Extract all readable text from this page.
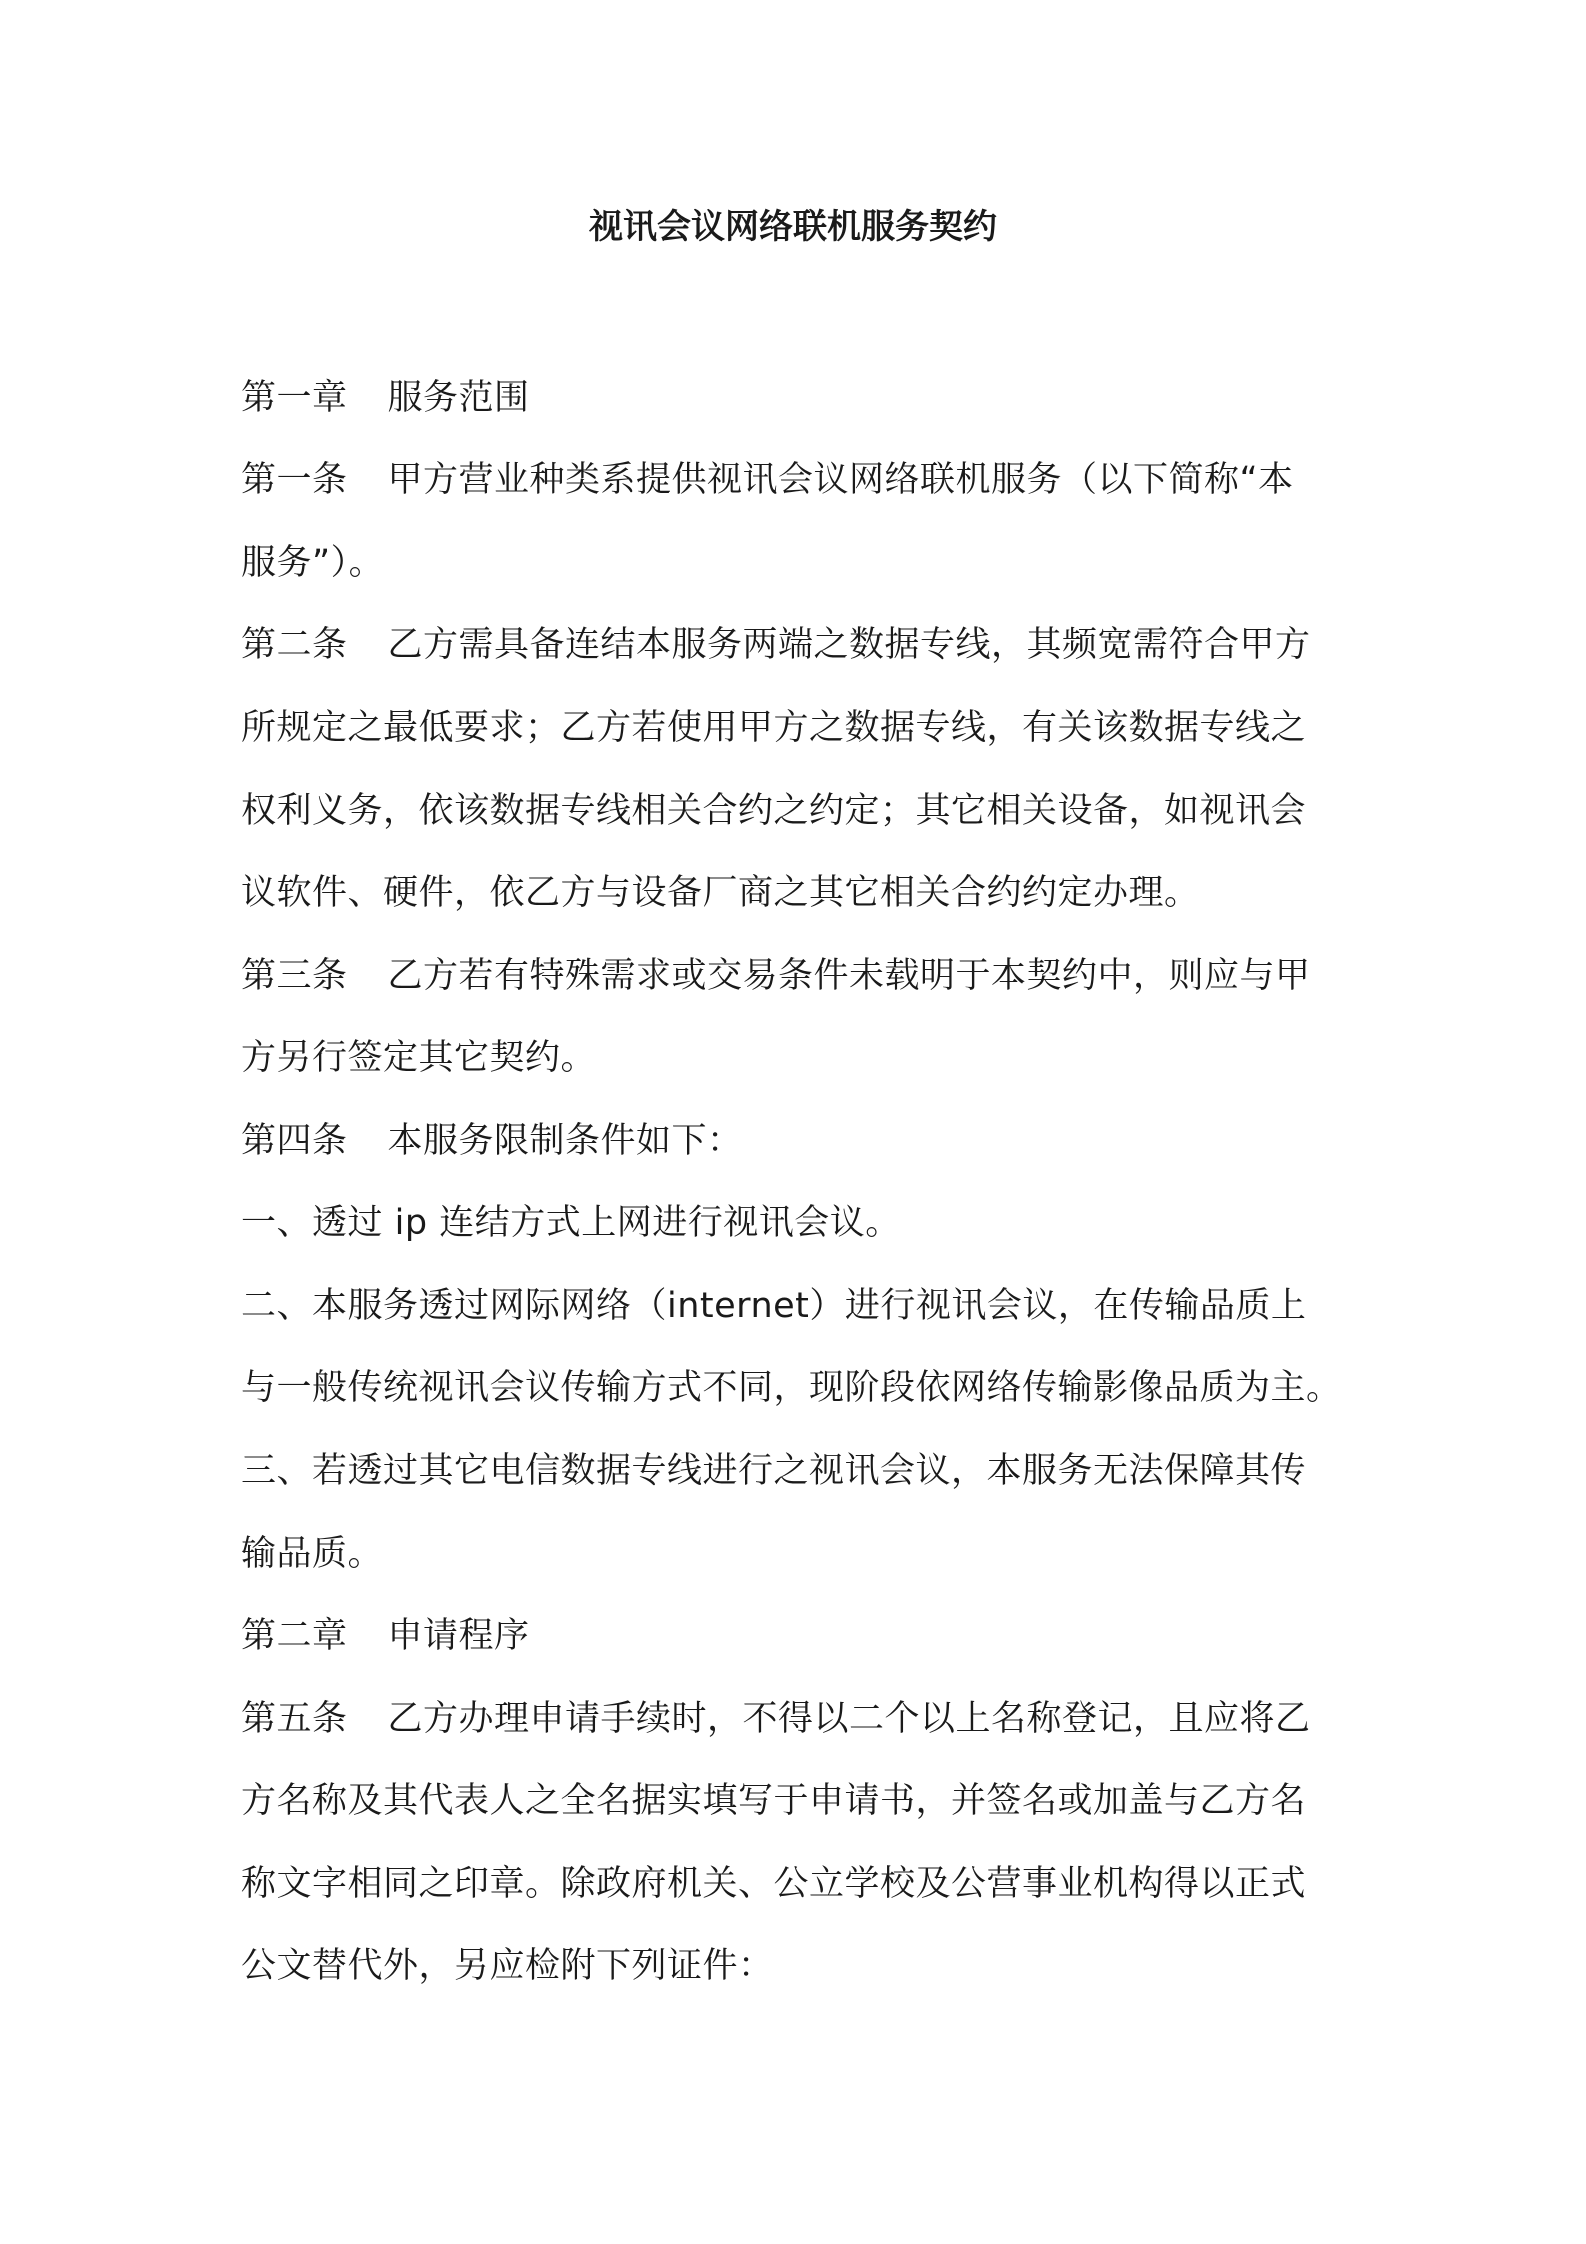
视讯会议网络联机服务契约
第一章 服务范围
第一条 甲方营业种类系提供视讯会议网络联机服务（以下简称“本
服务”）。
第二条 乙方需具备连结本服务两端之数据专线，其频宽需符合甲方
所规定之最低要求；乙方若使用甲方之数据专线，有关该数据专线之
权利义务，依该数据专线相关合约之约定；其它相关设备，如视讯会
议软件、硬件，依乙方与设备厂商之其它相关合约约定办理。
第三条 乙方若有特殊需求或交易条件未载明于本契约中，则应与甲
方另行签定其它契约。
第四条 本服务限制条件如下：
一、透过 ip 连结方式上网进行视讯会议。
二、本服务透过网际网络（internet）进行视讯会议，在传输品质上
与一般传统视讯会议传输方式不同，现阶段依网络传输影像品质为主。
三、若透过其它电信数据专线进行之视讯会议，本服务无法保障其传
输品质。
第二章 申请程序
第五条 乙方办理申请手续时，不得以二个以上名称登记，且应将乙
方名称及其代表人之全名据实填写于申请书，并签名或加盖与乙方名
称文字相同之印章。除政府机关、公立学校及公营事业机构得以正式
公文替代外，另应检附下列证件：
